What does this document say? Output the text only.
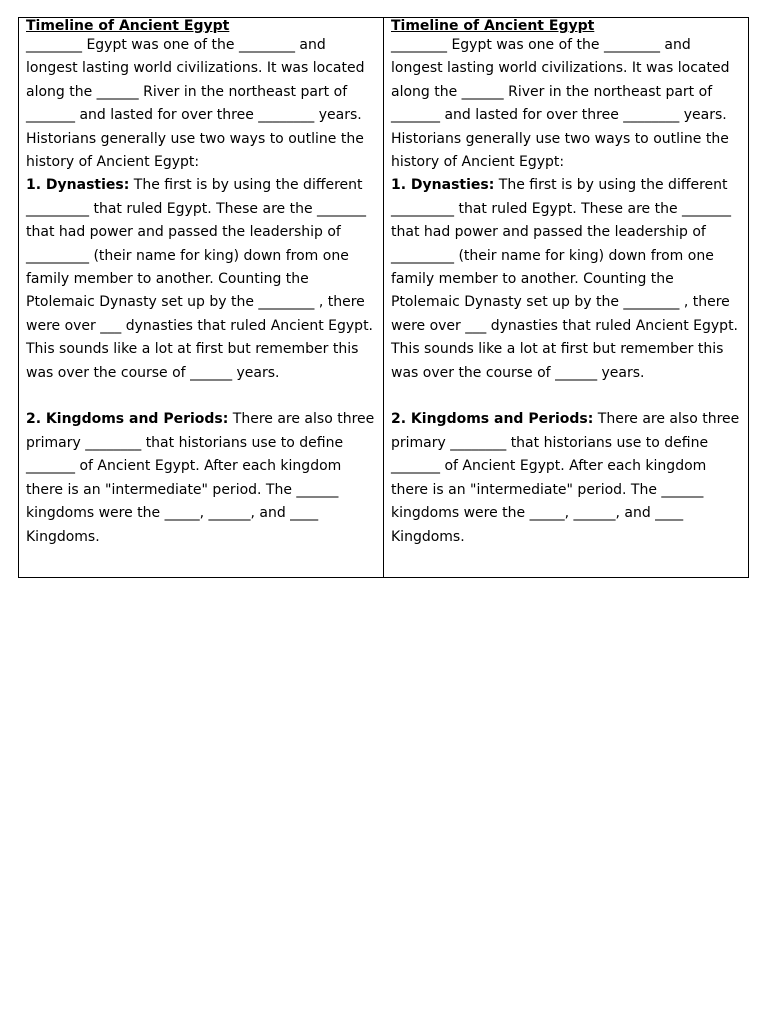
Timeline of Ancient Egypt

________ Egypt was one of the ________ and longest lasting world civilizations. It was located along the ______ River in the northeast part of _______ and lasted for over three ________ years. Historians generally use two ways to outline the history of Ancient Egypt:

1. Dynasties: The first is by using the different _________ that ruled Egypt. These are the _______ that had power and passed the leadership of _________ (their name for king) down from one family member to another. Counting the Ptolemaic Dynasty set up by the ________ , there were over ___ dynasties that ruled Ancient Egypt. This sounds like a lot at first but remember this was over the course of ______ years.

2. Kingdoms and Periods: There are also three primary ________ that historians use to define _______ of Ancient Egypt. After each kingdom there is an "intermediate" period. The ______ kingdoms were the _____, ______, and ____ Kingdoms.

Timeline of Ancient Egypt

________ Egypt was one of the ________ and longest lasting world civilizations. It was located along the ______ River in the northeast part of _______ and lasted for over three ________ years. Historians generally use two ways to outline the history of Ancient Egypt:

1. Dynasties: The first is by using the different _________ that ruled Egypt. These are the _______ that had power and passed the leadership of _________ (their name for king) down from one family member to another. Counting the Ptolemaic Dynasty set up by the ________ , there were over ___ dynasties that ruled Ancient Egypt. This sounds like a lot at first but remember this was over the course of ______ years.

2. Kingdoms and Periods: There are also three primary ________ that historians use to define _______ of Ancient Egypt. After each kingdom there is an "intermediate" period. The ______ kingdoms were the _____, ______, and ____ Kingdoms.
